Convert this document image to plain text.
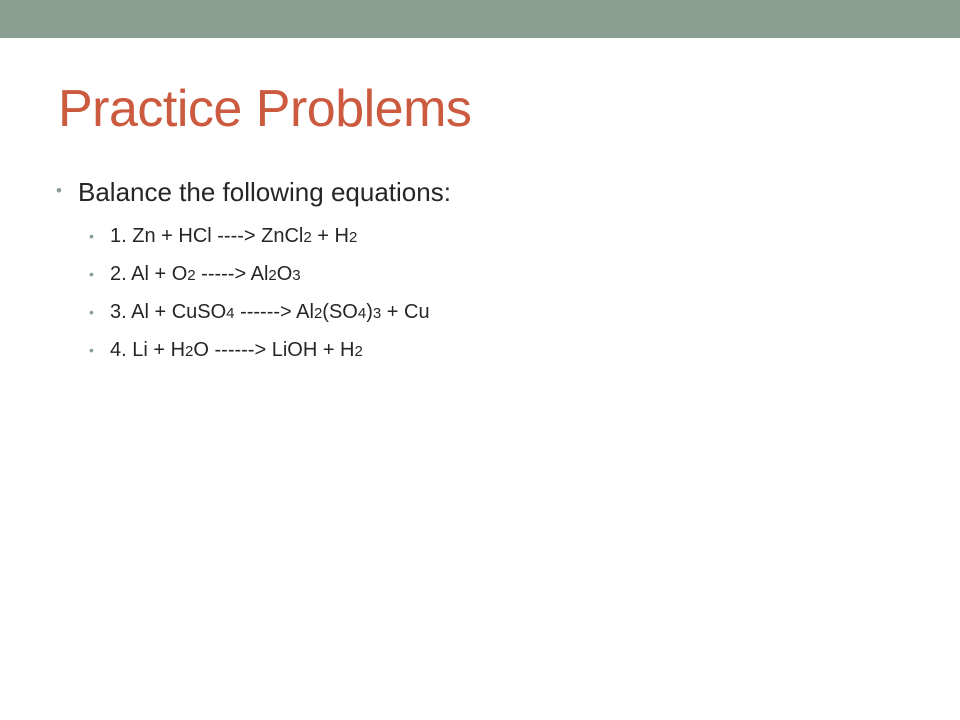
Practice Problems
• Balance the following equations:
• 1. Zn + HCl ----> ZnCl2 + H2
• 2. Al + O2 -----> Al2O3
• 3. Al + CuSO4 ------> Al2(SO4)3 + Cu
• 4. Li + H2O ------> LiOH + H2
